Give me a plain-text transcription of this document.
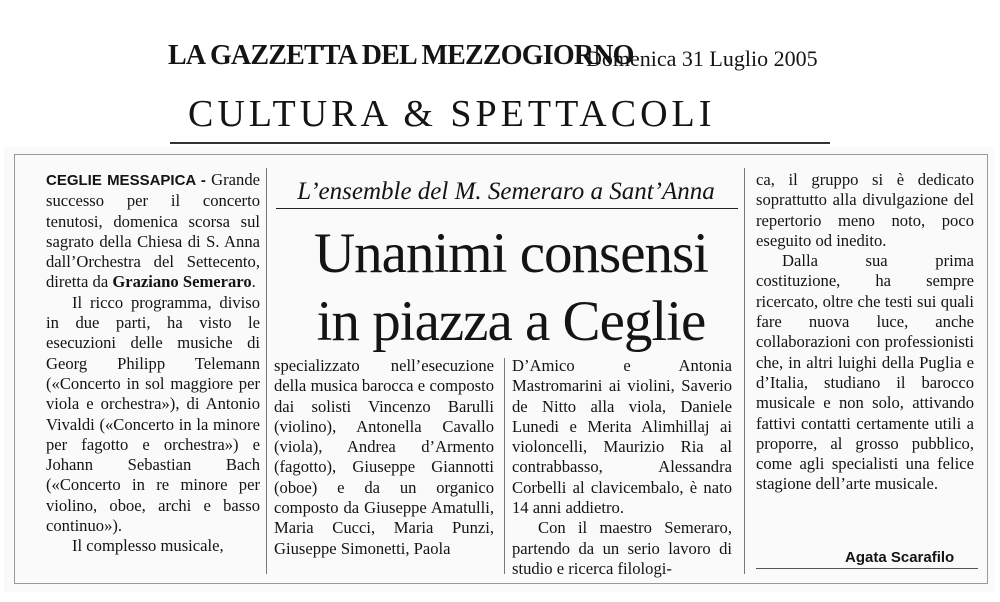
LA GAZZETTA DEL MEZZOGIORNO
Domenica 31 Luglio 2005
CULTURA & SPETTACOLI

CEGLIE MESSAPICA - Grande successo per il concerto tenutosi, domenica scorsa sul sagrato della Chiesa di S. Anna dall’Orchestra del Settecento, diretta da Graziano Semeraro.

Il ricco programma, diviso in due parti, ha visto le esecuzioni delle musiche di Georg Philipp Telemann («Concerto in sol maggiore per viola e orchestra»), di Antonio Vivaldi («Concerto in la minore per fagotto e orchestra») e Johann Sebastian Bach («Concerto in re minore per violino, oboe, archi e basso continuo»).

Il complesso musicale,

L’ensemble del M. Semeraro a Sant’Anna
Unanimi consensi
in piazza a Ceglie

specializzato nell’esecuzione della musica barocca e composto dai solisti Vincenzo Barulli (violino), Antonella Cavallo (viola), Andrea d’Armento (fagotto), Giuseppe Giannotti (oboe) e da un organico composto da Giuseppe Amatulli, Maria Cucci, Maria Punzi, Giuseppe Simonetti, Paola

D’Amico e Antonia Mastromarini ai violini, Saverio de Nitto alla viola, Daniele Lunedi e Merita Alimhillaj ai violoncelli, Maurizio Ria al contrabbasso, Alessandra Corbelli al clavicembalo, è nato 14 anni addietro.

Con il maestro Semeraro, partendo da un serio lavoro di studio e ricerca filologi-

ca, il gruppo si è dedicato soprattutto alla divulgazione del repertorio meno noto, poco eseguito od inedito.

Dalla sua prima costituzione, ha sempre ricercato, oltre che testi sui quali fare nuova luce, anche collaborazioni con professionisti che, in altri luighi della Puglia e d’Italia, studiano il barocco musicale e non solo, attivando fattivi contatti certamente utili a proporre, al grosso pubblico, come agli specialisti una felice stagione dell’arte musicale.

Agata Scarafilo
